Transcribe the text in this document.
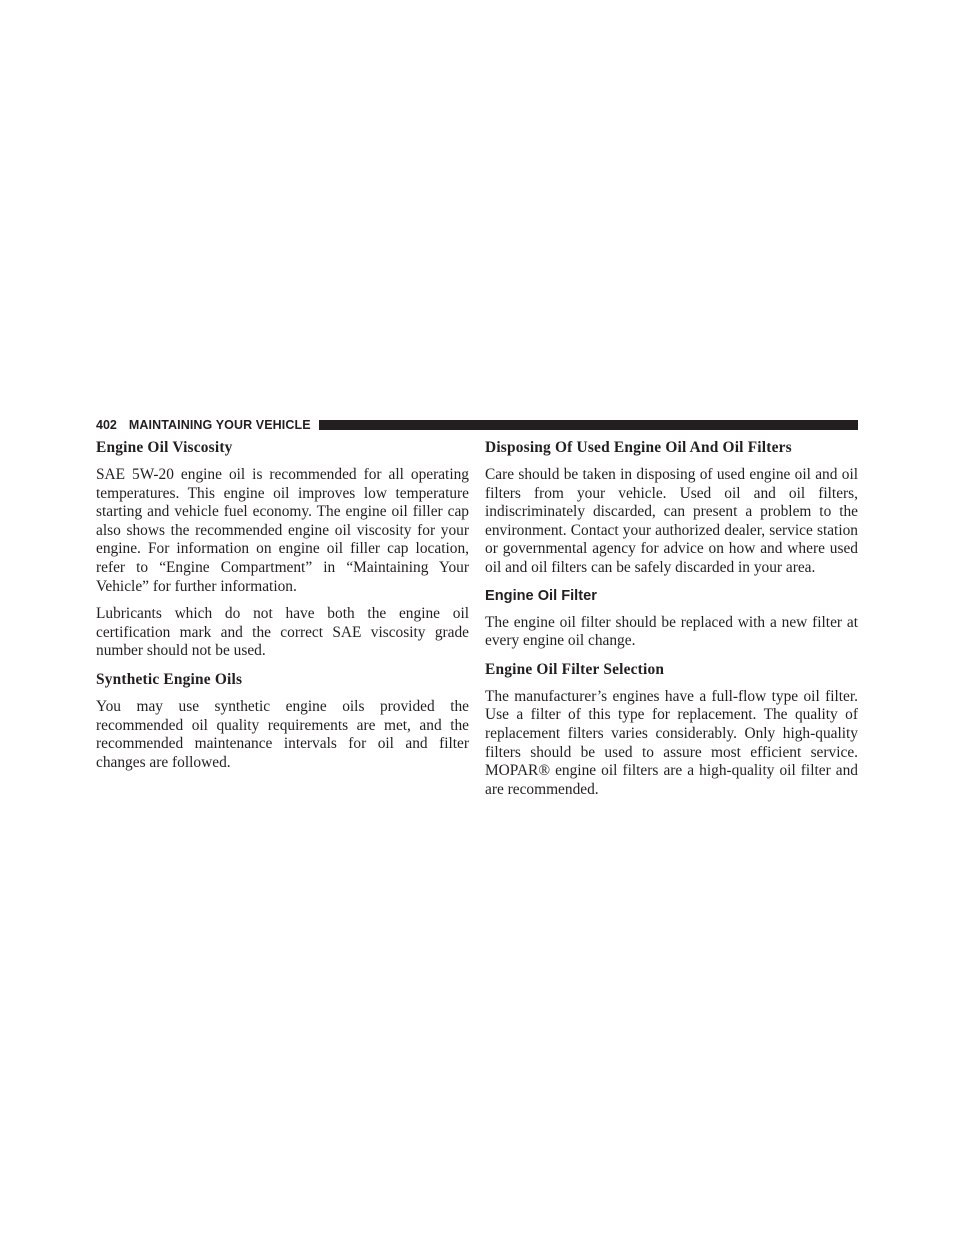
402 MAINTAINING YOUR VEHICLE
Engine Oil Viscosity

SAE 5W-20 engine oil is recommended for all operating temperatures. This engine oil improves low temperature starting and vehicle fuel economy. The engine oil filler cap also shows the recommended engine oil viscosity for your engine. For information on engine oil filler cap location, refer to “Engine Compartment” in “Maintaining Your Vehicle” for further information.

Lubricants which do not have both the engine oil certification mark and the correct SAE viscosity grade number should not be used.

Synthetic Engine Oils

You may use synthetic engine oils provided the recommended oil quality requirements are met, and the recommended maintenance intervals for oil and filter changes are followed.

Disposing Of Used Engine Oil And Oil Filters

Care should be taken in disposing of used engine oil and oil filters from your vehicle. Used oil and oil filters, indiscriminately discarded, can present a problem to the environment. Contact your authorized dealer, service station or governmental agency for advice on how and where used oil and oil filters can be safely discarded in your area.

Engine Oil Filter

The engine oil filter should be replaced with a new filter at every engine oil change.

Engine Oil Filter Selection

The manufacturer’s engines have a full-flow type oil filter. Use a filter of this type for replacement. The quality of replacement filters varies considerably. Only high-quality filters should be used to assure most efficient service. MOPAR® engine oil filters are a high-quality oil filter and are recommended.
